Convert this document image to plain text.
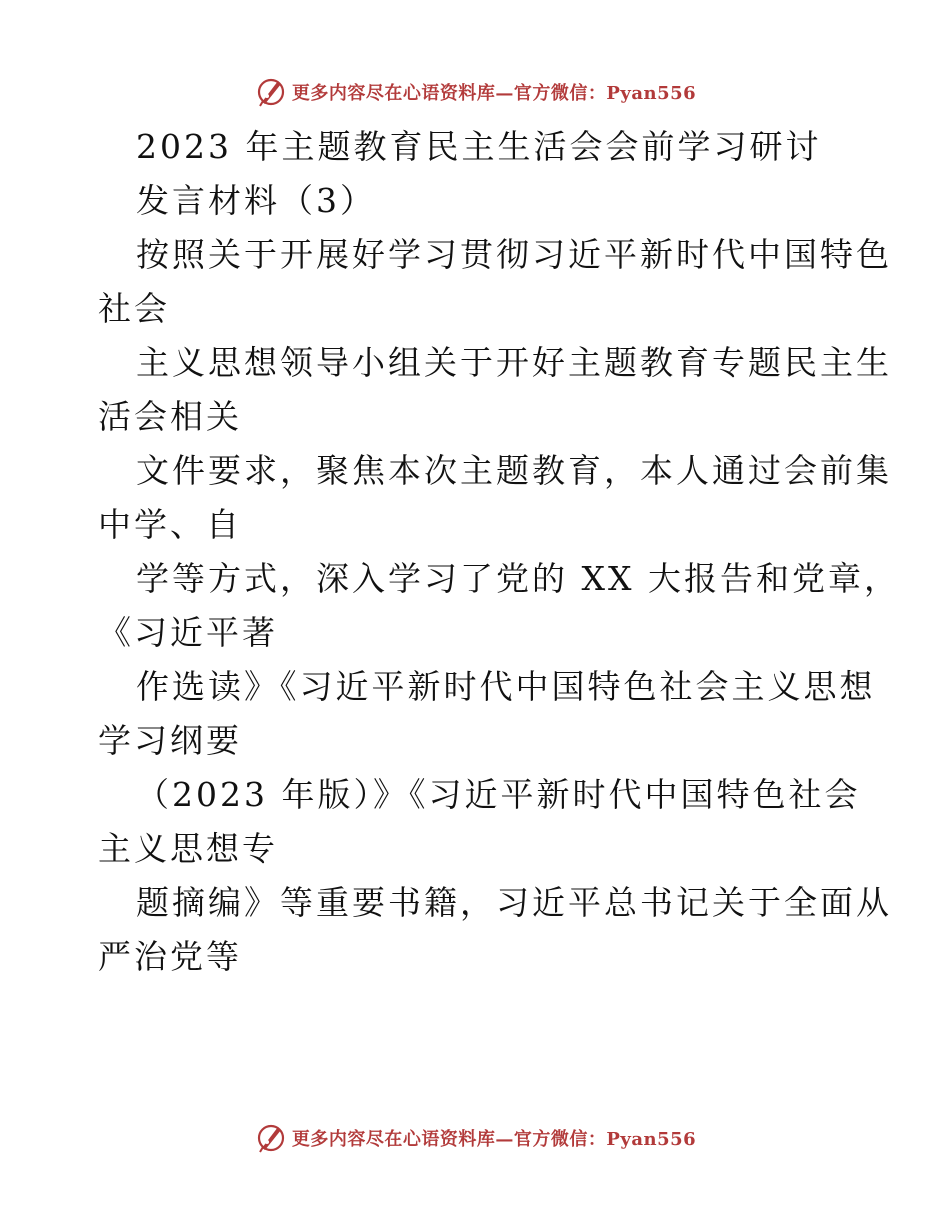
更多内容尽在心语资料库—官方微信：Pyan556
2023 年主题教育民主生活会会前学习研讨
发言材料（3）
按照关于开展好学习贯彻习近平新时代中国特色
社会
主义思想领导小组关于开好主题教育专题民主生
活会相关
文件要求，聚焦本次主题教育，本人通过会前集
中学、自
学等方式，深入学习了党的 XX 大报告和党章，
《习近平著
作选读》《习近平新时代中国特色社会主义思想
学习纲要
（2023 年版）》《习近平新时代中国特色社会
主义思想专
题摘编》等重要书籍，习近平总书记关于全面从
严治党等
更多内容尽在心语资料库—官方微信：Pyan556
